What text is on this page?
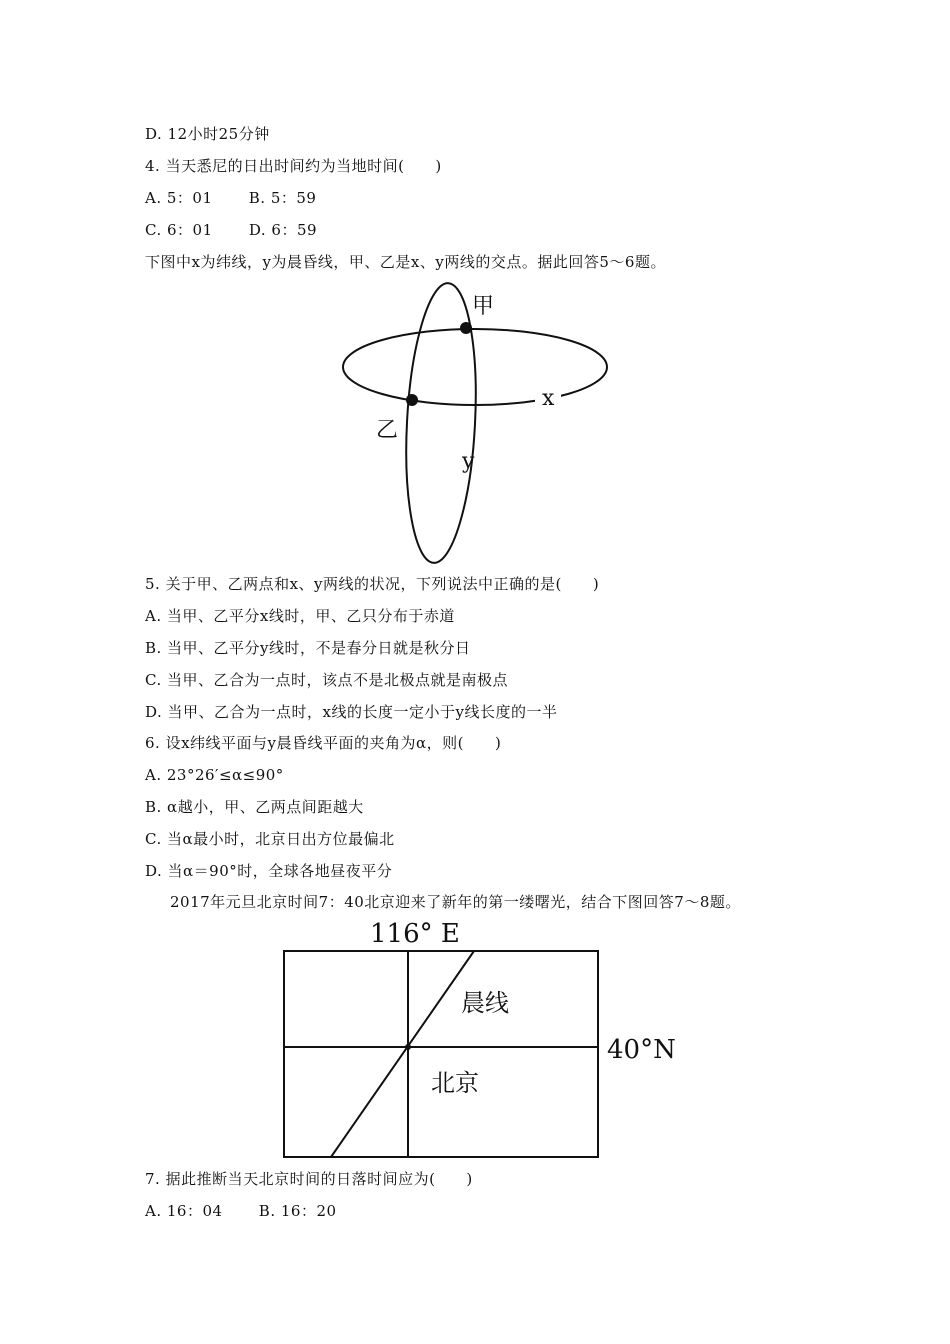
D. 12小时25分钟
4. 当天悉尼的日出时间约为当地时间(　　)
A. 5：01　　 B. 5：59
C. 6：01　　 D. 6：59
下图中x为纬线，y为晨昏线，甲、乙是x、y两线的交点。据此回答5～6题。
甲
乙
x
y
5. 关于甲、乙两点和x、y两线的状况，下列说法中正确的是(　　)
A. 当甲、乙平分x线时，甲、乙只分布于赤道
B. 当甲、乙平分y线时，不是春分日就是秋分日
C. 当甲、乙合为一点时，该点不是北极点就是南极点
D. 当甲、乙合为一点时，x线的长度一定小于y线长度的一半
6. 设x纬线平面与y晨昏线平面的夹角为α，则(　　)
A. 23°26′≤α≤90°
B. α越小，甲、乙两点间距越大
C. 当α最小时，北京日出方位最偏北
D. 当α＝90°时，全球各地昼夜平分
2017年元旦北京时间7：40北京迎来了新年的第一缕曙光，结合下图回答7～8题。
116° E
晨线
北京
40°N
7. 据此推断当天北京时间的日落时间应为(　　)
A. 16：04　　 B. 16：20
